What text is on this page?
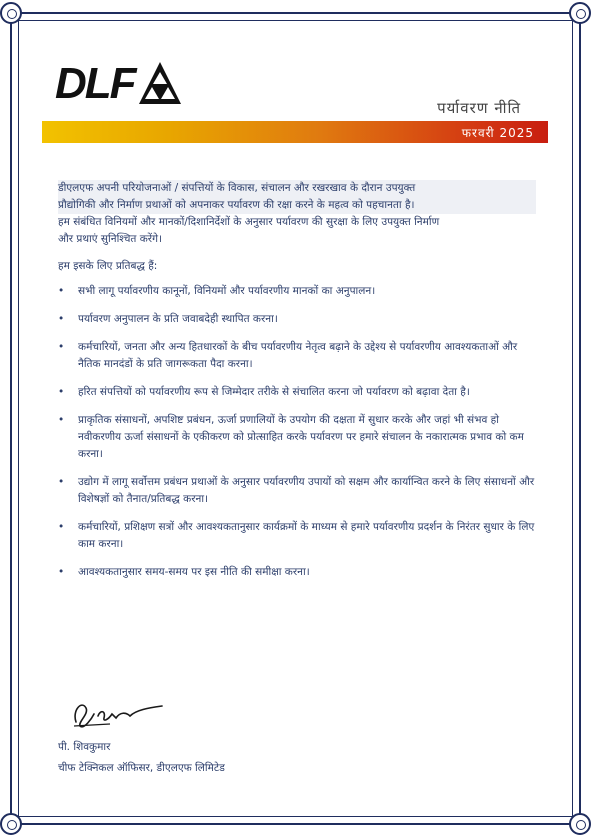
DLF	पर्यावरण नीति
फरवरी 2025

डीएलएफ अपनी परियोजनाओं / संपत्तियों के विकास, संचालन और रखरखाव के दौरान उपयुक्त

प्रौद्योगिकी और निर्माण प्रथाओं को अपनाकर पर्यावरण की रक्षा करने के महत्व को पहचानता है।

हम संबंधित विनियमों और मानकों/दिशानिर्देशों के अनुसार पर्यावरण की सुरक्षा के लिए उपयुक्त निर्माण

और प्रथाएं सुनिश्चित करेंगे।

हम इसके लिए प्रतिबद्ध हैं:

• सभी लागू पर्यावरणीय कानूनों, विनियमों और पर्यावरणीय मानकों का अनुपालन।
• पर्यावरण अनुपालन के प्रति जवाबदेही स्थापित करना।
• कर्मचारियों, जनता और अन्य हितधारकों के बीच पर्यावरणीय नेतृत्व बढ़ाने के उद्देश्य से पर्यावरणीय आवश्यकताओं और नैतिक मानदंडों के प्रति जागरूकता पैदा करना।
• हरित संपत्तियों को पर्यावरणीय रूप से जिम्मेदार तरीके से संचालित करना जो पर्यावरण को बढ़ावा देता है।
• प्राकृतिक संसाधनों, अपशिष्ट प्रबंधन, ऊर्जा प्रणालियों के उपयोग की दक्षता में सुधार करके और जहां भी संभव हो नवीकरणीय ऊर्जा संसाधनों के एकीकरण को प्रोत्साहित करके पर्यावरण पर हमारे संचालन के नकारात्मक प्रभाव को कम करना।
• उद्योग में लागू सर्वोत्तम प्रबंधन प्रथाओं के अनुसार पर्यावरणीय उपायों को सक्षम और कार्यान्वित करने के लिए संसाधनों और विशेषज्ञों को तैनात/प्रतिबद्ध करना।
• कर्मचारियों, प्रशिक्षण सत्रों और आवश्यकतानुसार कार्यक्रमों के माध्यम से हमारे पर्यावरणीय प्रदर्शन के निरंतर सुधार के लिए काम करना।
• आवश्यकतानुसार समय-समय पर इस नीति की समीक्षा करना।
पी. शिवकुमार
चीफ टेक्निकल ऑफिसर, डीएलएफ लिमिटेड
